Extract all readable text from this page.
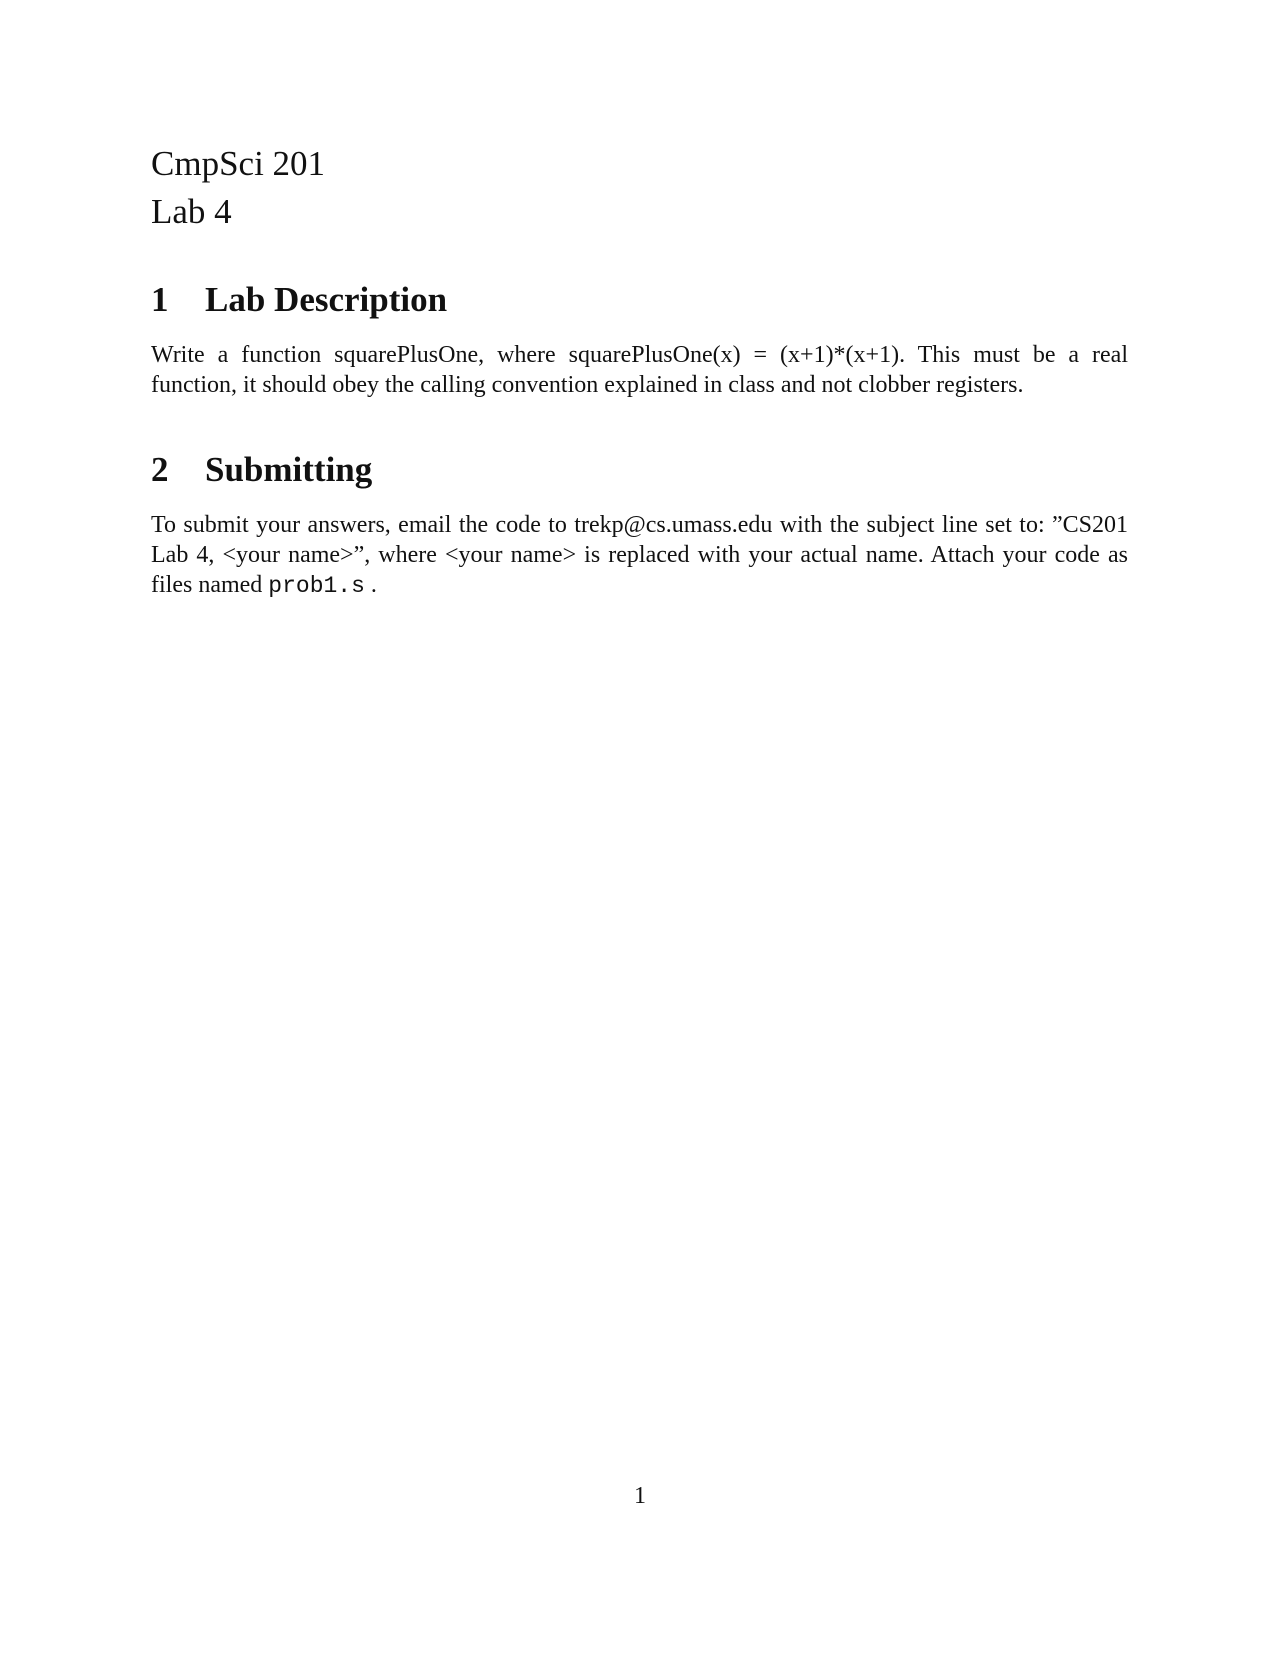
CmpSci 201

Lab 4

1	Lab Description

Write a function squarePlusOne, where squarePlusOne(x) = (x+1)*(x+1). This must be a real function, it should obey the calling convention explained in class and not clobber registers.

2	Submitting

To submit your answers, email the code to trekp@cs.umass.edu with the subject line set to: ”CS201 Lab 4, <your name>”, where <your name> is replaced with your actual name. Attach your code as files named prob1.s .

1
